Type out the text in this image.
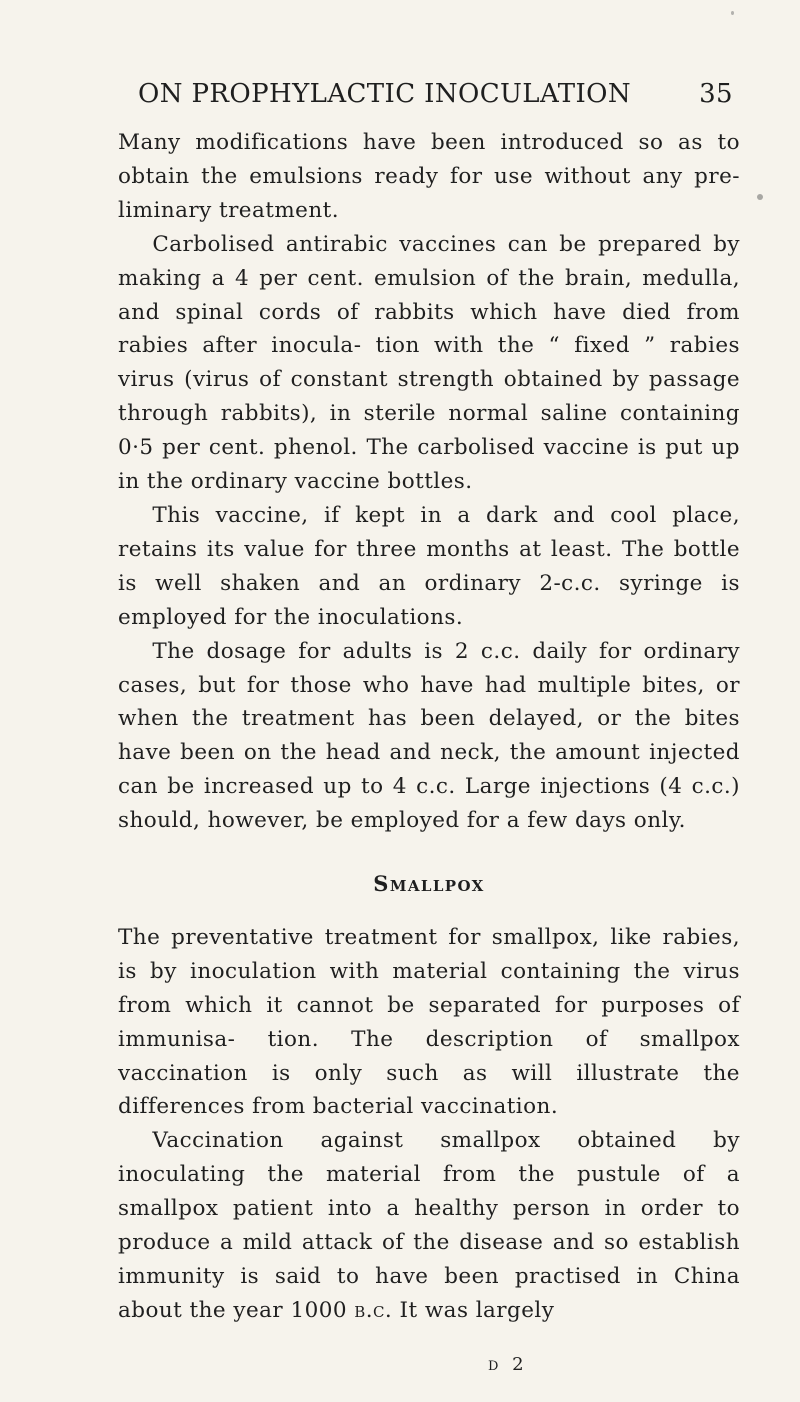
ON PROPHYLACTIC INOCULATION	35

Many modifications have been introduced so as to obtain the emulsions ready for use without any pre- liminary treatment.

Carbolised antirabic vaccines can be prepared by making a 4 per cent. emulsion of the brain, medulla, and spinal cords of rabbits which have died from rabies after inocula- tion with the “ fixed ” rabies virus (virus of constant strength obtained by passage through rabbits), in sterile normal saline containing 0·5 per cent. phenol. The carbolised vaccine is put up in the ordinary vaccine bottles.

This vaccine, if kept in a dark and cool place, retains its value for three months at least. The bottle is well shaken and an ordinary 2-c.c. syringe is employed for the inoculations.

The dosage for adults is 2 c.c. daily for ordinary cases, but for those who have had multiple bites, or when the treatment has been delayed, or the bites have been on the head and neck, the amount injected can be increased up to 4 c.c. Large injections (4 c.c.) should, however, be employed for a few days only.

Smallpox

The preventative treatment for smallpox, like rabies, is by inoculation with material containing the virus from which it cannot be separated for purposes of immunisa- tion. The description of smallpox vaccination is only such as will illustrate the differences from bacterial vaccination.

Vaccination against smallpox obtained by inoculating the material from the pustule of a smallpox patient into a healthy person in order to produce a mild attack of the disease and so establish immunity is said to have been practised in China about the year 1000 b.c. It was largely

d 2
